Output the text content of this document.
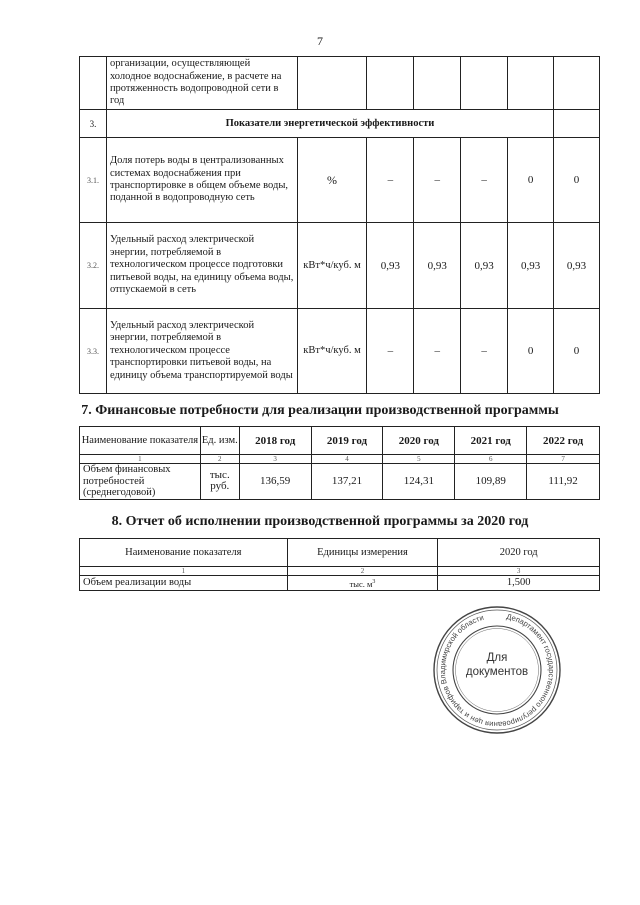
7
	организации, осуществляющей холодное водоснабжение, в расчете на протяженность водопроводной сети в год						
3.	Показатели энергетической эффективности						
3.1.	Доля потерь воды в централизованных системах водоснабжения при транспортировке в общем объеме воды, поданной в водопроводную сеть	%	–	–	–	0	0
3.2.	Удельный расход электрической энергии, потребляемой в технологическом процессе подготовки питьевой воды, на единицу объема воды, отпускаемой в сеть	кВт*ч/куб. м	0,93	0,93	0,93	0,93	0,93
3.3.	Удельный расход электрической энергии, потребляемой в технологическом процессе транспортировки питьевой воды, на единицу объема транспортируемой воды	кВт*ч/куб. м	–	–	–	0	0
7. Финансовые потребности для реализации производственной программы
Наименование показателя	Ед. изм.	2018 год	2019 год	2020 год	2021 год	2022 год
1	2	3	4	5	6	7
Объем финансовых потребностей (среднегодовой)	тыс. руб.	136,59	137,21	124,31	109,89	111,92
8. Отчет об исполнении производственной программы за 2020 год
Наименование показателя	Единицы измерения	2020 год
1	2	3
Объем реализации воды	тыс. $м^3$	1,500
Департамент государственного регулирования цен и тарифов Владимирской области
Для
документов
